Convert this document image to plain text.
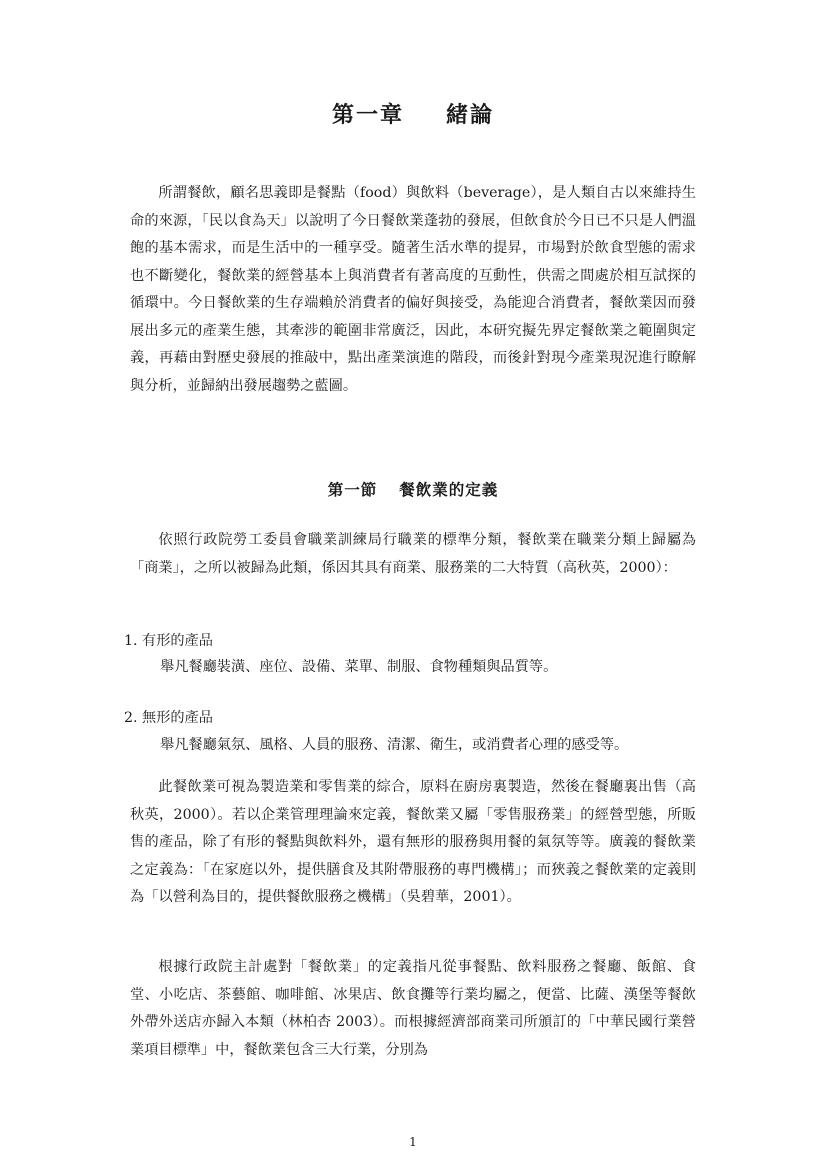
第一章 緒論

所謂餐飲，顧名思義即是餐點（food）與飲料（beverage），是人類自古以來維持生命的來源，「民以食為天」以說明了今日餐飲業蓬勃的發展，但飲食於今日已不只是人們溫飽的基本需求，而是生活中的一種享受。隨著生活水準的提昇，市場對於飲食型態的需求也不斷變化，餐飲業的經營基本上與消費者有著高度的互動性，供需之間處於相互試探的循環中。今日餐飲業的生存端賴於消費者的偏好與接受，為能迎合消費者，餐飲業因而發展出多元的產業生態，其牽涉的範圍非常廣泛，因此，本研究擬先界定餐飲業之範圍與定義，再藉由對歷史發展的推敲中，點出產業演進的階段，而後針對現今產業現況進行瞭解與分析，並歸納出發展趨勢之藍圖。

第一節 餐飲業的定義

依照行政院勞工委員會職業訓練局行職業的標準分類，餐飲業在職業分類上歸屬為「商業」，之所以被歸為此類，係因其具有商業、服務業的二大特質（高秋英，2000）：

1. 有形的產品

舉凡餐廳裝潢、座位、設備、菜單、制服、食物種類與品質等。

2. 無形的產品

舉凡餐廳氣氛、風格、人員的服務、清潔、衛生，或消費者心理的感受等。

此餐飲業可視為製造業和零售業的綜合，原料在廚房裏製造，然後在餐廳裏出售（高秋英，2000）。若以企業管理理論來定義，餐飲業又屬「零售服務業」的經營型態，所販售的產品，除了有形的餐點與飲料外，還有無形的服務與用餐的氣氛等等。廣義的餐飲業之定義為：「在家庭以外，提供膳食及其附帶服務的專門機構」；而狹義之餐飲業的定義則為「以營利為目的，提供餐飲服務之機構」（吳碧華，2001）。

根據行政院主計處對「餐飲業」的定義指凡從事餐點、飲料服務之餐廳、飯館、食堂、小吃店、茶藝館、咖啡館、冰果店、飲食攤等行業均屬之，便當、比薩、漢堡等餐飲外帶外送店亦歸入本類（林柏杏 2003）。而根據經濟部商業司所頒訂的「中華民國行業營業項目標準」中，餐飲業包含三大行業，分別為

1
